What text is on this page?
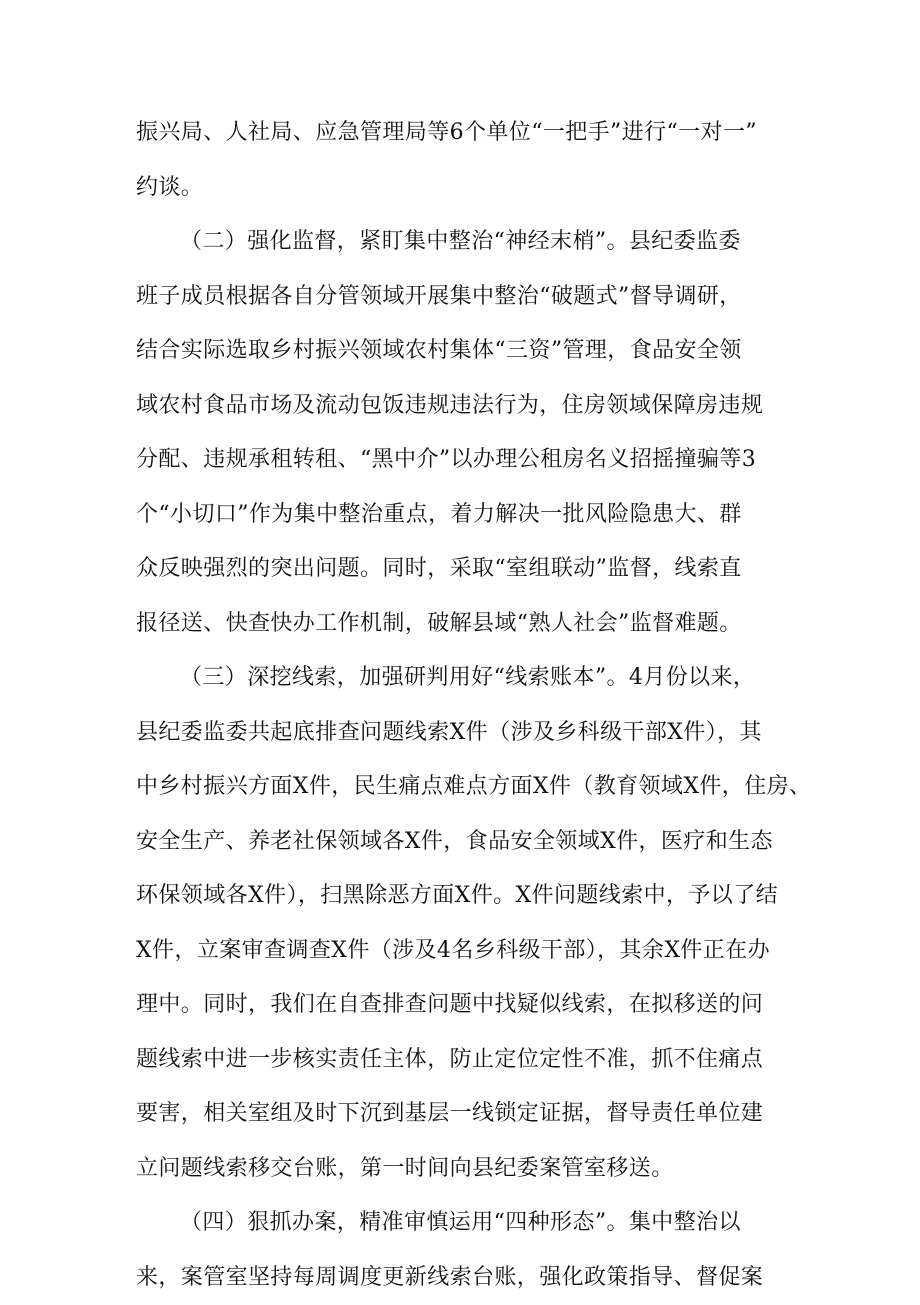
振兴局、人社局、应急管理局等6个单位“一把手”进行“一对一”
约谈。
（二）强化监督，紧盯集中整治“神经末梢”。县纪委监委
班子成员根据各自分管领域开展集中整治“破题式”督导调研，
结合实际选取乡村振兴领域农村集体“三资”管理，食品安全领
域农村食品市场及流动包饭违规违法行为，住房领域保障房违规
分配、违规承租转租、“黑中介”以办理公租房名义招摇撞骗等3
个“小切口”作为集中整治重点，着力解决一批风险隐患大、群
众反映强烈的突出问题。同时，采取“室组联动”监督，线索直
报径送、快查快办工作机制，破解县域“熟人社会”监督难题。
（三）深挖线索，加强研判用好“线索账本”。4月份以来，
县纪委监委共起底排查问题线索X件（涉及乡科级干部X件），其
中乡村振兴方面X件，民生痛点难点方面X件（教育领域X件，住房、
安全生产、养老社保领域各X件，食品安全领域X件，医疗和生态
环保领域各X件），扫黑除恶方面X件。X件问题线索中，予以了结
X件，立案审查调查X件（涉及4名乡科级干部），其余X件正在办
理中。同时，我们在自查排查问题中找疑似线索，在拟移送的问
题线索中进一步核实责任主体，防止定位定性不准，抓不住痛点
要害，相关室组及时下沉到基层一线锁定证据，督导责任单位建
立问题线索移交台账，第一时间向县纪委案管室移送。
（四）狠抓办案，精准审慎运用“四种形态”。集中整治以
来，案管室坚持每周调度更新线索台账，强化政策指导、督促案
